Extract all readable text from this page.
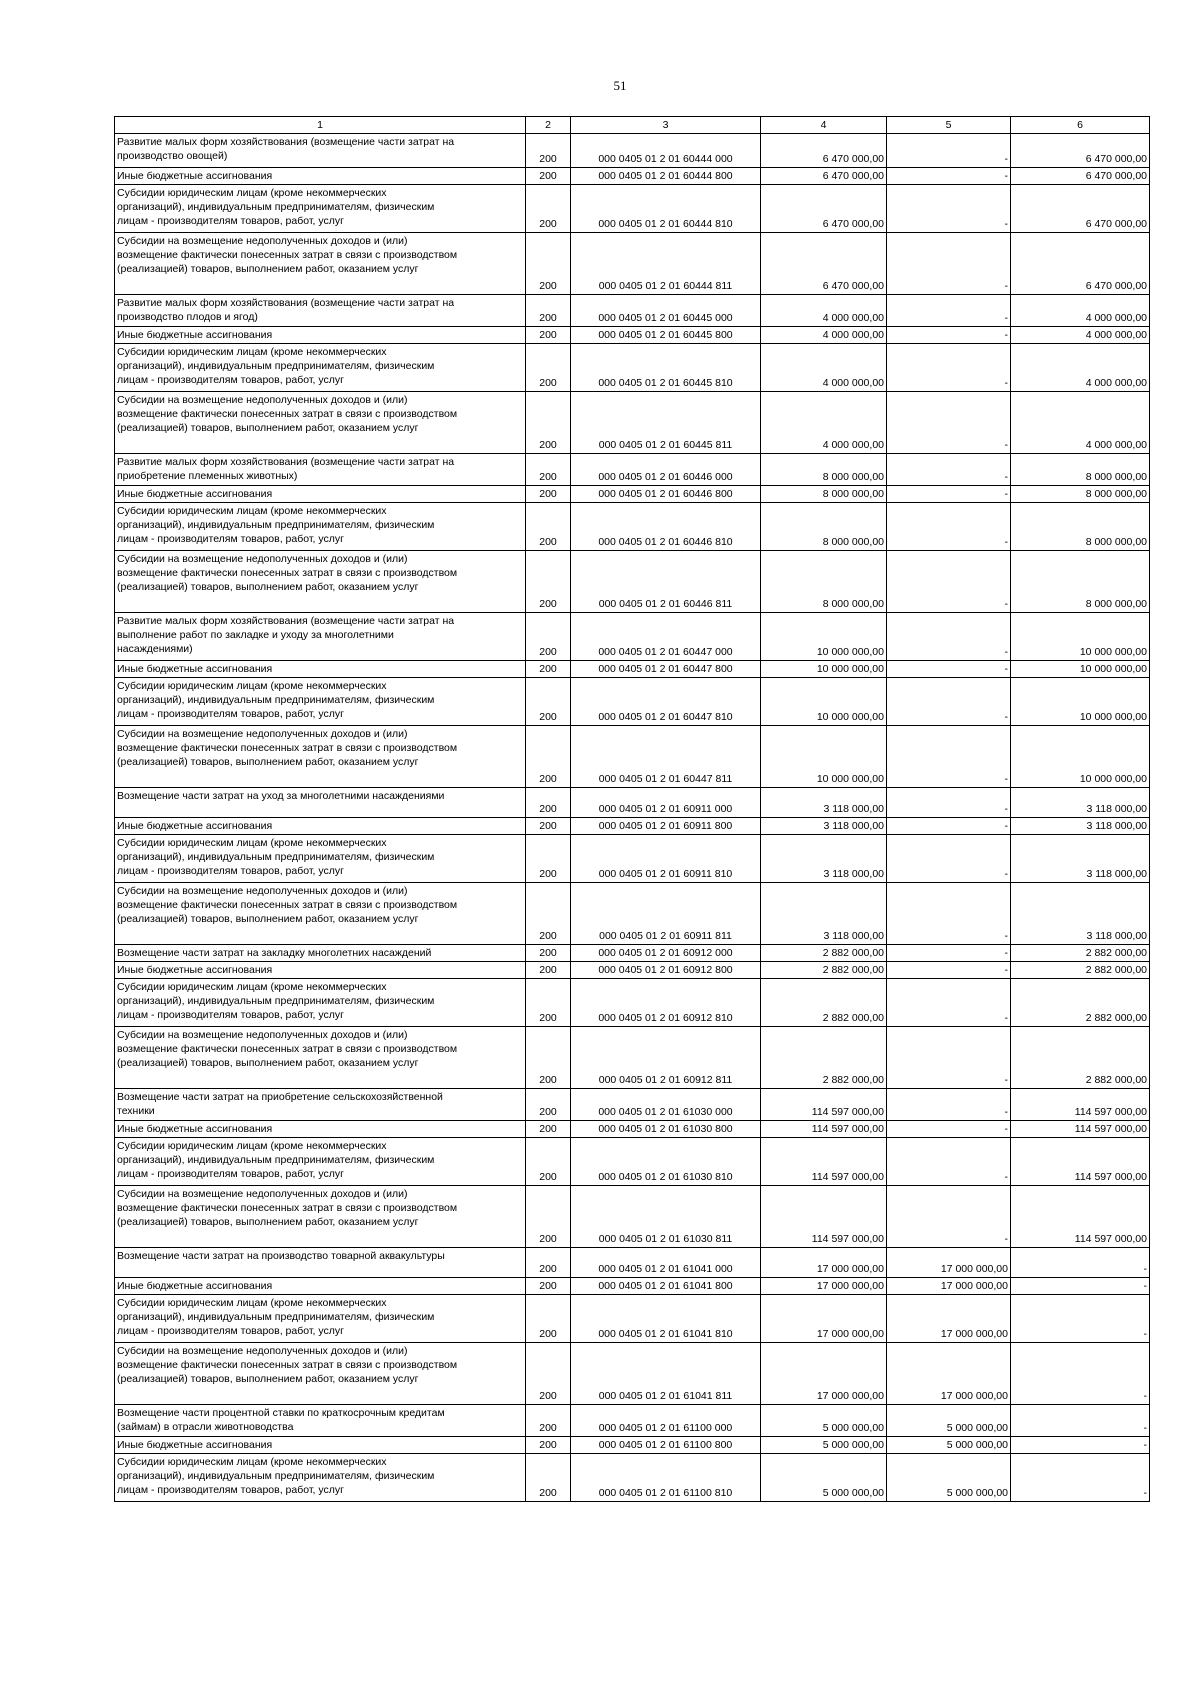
51
1	2	3	4	5	6
Развитие малых форм хозяйствования (возмещение части затрат на
производство овощей)	200	000 0405 01 2 01 60444 000	6 470 000,00	-	6 470 000,00
Иные бюджетные ассигнования	200	000 0405 01 2 01 60444 800	6 470 000,00	-	6 470 000,00
Субсидии юридическим лицам (кроме некоммерческих
организаций), индивидуальным предпринимателям, физическим
лицам - производителям товаров, работ, услуг	200	000 0405 01 2 01 60444 810	6 470 000,00	-	6 470 000,00
Субсидии на возмещение недополученных доходов и (или)
возмещение фактически понесенных затрат в связи с производством
(реализацией) товаров, выполнением работ, оказанием услуг	200	000 0405 01 2 01 60444 811	6 470 000,00	-	6 470 000,00
Развитие малых форм хозяйствования (возмещение части затрат на
производство плодов и ягод)	200	000 0405 01 2 01 60445 000	4 000 000,00	-	4 000 000,00
Иные бюджетные ассигнования	200	000 0405 01 2 01 60445 800	4 000 000,00	-	4 000 000,00
Субсидии юридическим лицам (кроме некоммерческих
организаций), индивидуальным предпринимателям, физическим
лицам - производителям товаров, работ, услуг	200	000 0405 01 2 01 60445 810	4 000 000,00	-	4 000 000,00
Субсидии на возмещение недополученных доходов и (или)
возмещение фактически понесенных затрат в связи с производством
(реализацией) товаров, выполнением работ, оказанием услуг	200	000 0405 01 2 01 60445 811	4 000 000,00	-	4 000 000,00
Развитие малых форм хозяйствования (возмещение части затрат на
приобретение племенных животных)	200	000 0405 01 2 01 60446 000	8 000 000,00	-	8 000 000,00
Иные бюджетные ассигнования	200	000 0405 01 2 01 60446 800	8 000 000,00	-	8 000 000,00
Субсидии юридическим лицам (кроме некоммерческих
организаций), индивидуальным предпринимателям, физическим
лицам - производителям товаров, работ, услуг	200	000 0405 01 2 01 60446 810	8 000 000,00	-	8 000 000,00
Субсидии на возмещение недополученных доходов и (или)
возмещение фактически понесенных затрат в связи с производством
(реализацией) товаров, выполнением работ, оказанием услуг	200	000 0405 01 2 01 60446 811	8 000 000,00	-	8 000 000,00
Развитие малых форм хозяйствования (возмещение части затрат на
выполнение работ по закладке и уходу за многолетними
насаждениями)	200	000 0405 01 2 01 60447 000	10 000 000,00	-	10 000 000,00
Иные бюджетные ассигнования	200	000 0405 01 2 01 60447 800	10 000 000,00	-	10 000 000,00
Субсидии юридическим лицам (кроме некоммерческих
организаций), индивидуальным предпринимателям, физическим
лицам - производителям товаров, работ, услуг	200	000 0405 01 2 01 60447 810	10 000 000,00	-	10 000 000,00
Субсидии на возмещение недополученных доходов и (или)
возмещение фактически понесенных затрат в связи с производством
(реализацией) товаров, выполнением работ, оказанием услуг	200	000 0405 01 2 01 60447 811	10 000 000,00	-	10 000 000,00
Возмещение части затрат на уход за многолетними насаждениями	200	000 0405 01 2 01 60911 000	3 118 000,00	-	3 118 000,00
Иные бюджетные ассигнования	200	000 0405 01 2 01 60911 800	3 118 000,00	-	3 118 000,00
Субсидии юридическим лицам (кроме некоммерческих
организаций), индивидуальным предпринимателям, физическим
лицам - производителям товаров, работ, услуг	200	000 0405 01 2 01 60911 810	3 118 000,00	-	3 118 000,00
Субсидии на возмещение недополученных доходов и (или)
возмещение фактически понесенных затрат в связи с производством
(реализацией) товаров, выполнением работ, оказанием услуг	200	000 0405 01 2 01 60911 811	3 118 000,00	-	3 118 000,00
Возмещение части затрат на закладку многолетних насаждений	200	000 0405 01 2 01 60912 000	2 882 000,00	-	2 882 000,00
Иные бюджетные ассигнования	200	000 0405 01 2 01 60912 800	2 882 000,00	-	2 882 000,00
Субсидии юридическим лицам (кроме некоммерческих
организаций), индивидуальным предпринимателям, физическим
лицам - производителям товаров, работ, услуг	200	000 0405 01 2 01 60912 810	2 882 000,00	-	2 882 000,00
Субсидии на возмещение недополученных доходов и (или)
возмещение фактически понесенных затрат в связи с производством
(реализацией) товаров, выполнением работ, оказанием услуг	200	000 0405 01 2 01 60912 811	2 882 000,00	-	2 882 000,00
Возмещение части затрат на приобретение сельскохозяйственной
техники	200	000 0405 01 2 01 61030 000	114 597 000,00	-	114 597 000,00
Иные бюджетные ассигнования	200	000 0405 01 2 01 61030 800	114 597 000,00	-	114 597 000,00
Субсидии юридическим лицам (кроме некоммерческих
организаций), индивидуальным предпринимателям, физическим
лицам - производителям товаров, работ, услуг	200	000 0405 01 2 01 61030 810	114 597 000,00	-	114 597 000,00
Субсидии на возмещение недополученных доходов и (или)
возмещение фактически понесенных затрат в связи с производством
(реализацией) товаров, выполнением работ, оказанием услуг	200	000 0405 01 2 01 61030 811	114 597 000,00	-	114 597 000,00
Возмещение части затрат на производство товарной аквакультуры	200	000 0405 01 2 01 61041 000	17 000 000,00	17 000 000,00	-
Иные бюджетные ассигнования	200	000 0405 01 2 01 61041 800	17 000 000,00	17 000 000,00	-
Субсидии юридическим лицам (кроме некоммерческих
организаций), индивидуальным предпринимателям, физическим
лицам - производителям товаров, работ, услуг	200	000 0405 01 2 01 61041 810	17 000 000,00	17 000 000,00	-
Субсидии на возмещение недополученных доходов и (или)
возмещение фактически понесенных затрат в связи с производством
(реализацией) товаров, выполнением работ, оказанием услуг	200	000 0405 01 2 01 61041 811	17 000 000,00	17 000 000,00	-
Возмещение части процентной ставки по краткосрочным кредитам
(займам) в отрасли животноводства	200	000 0405 01 2 01 61100 000	5 000 000,00	5 000 000,00	-
Иные бюджетные ассигнования	200	000 0405 01 2 01 61100 800	5 000 000,00	5 000 000,00	-
Субсидии юридическим лицам (кроме некоммерческих
организаций), индивидуальным предпринимателям, физическим
лицам - производителям товаров, работ, услуг	200	000 0405 01 2 01 61100 810	5 000 000,00	5 000 000,00	-
